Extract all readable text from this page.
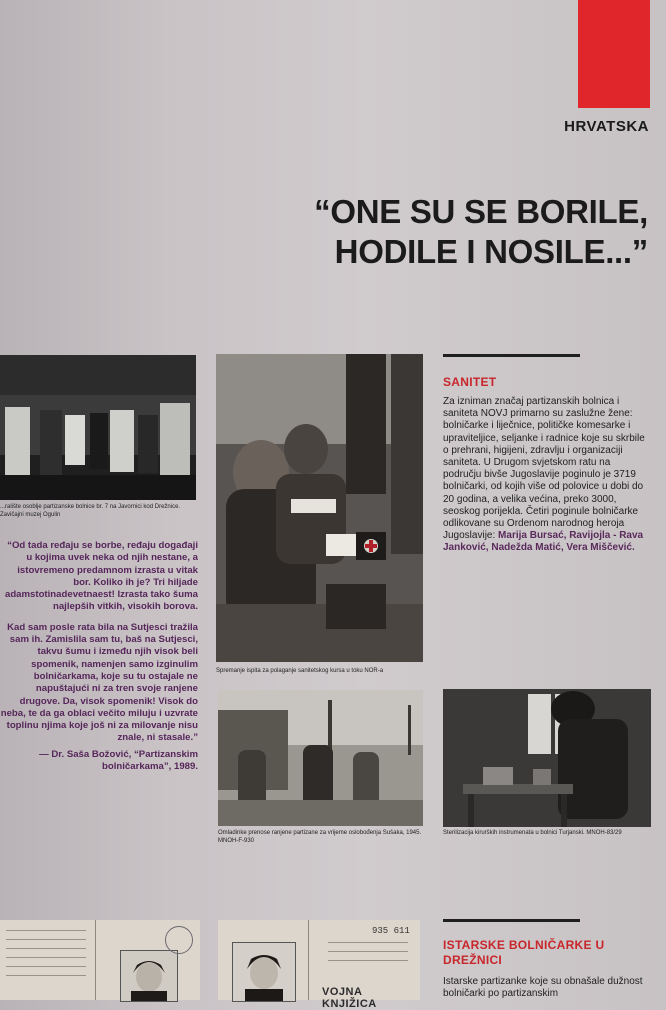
HRVATSKA
“ONE SU SE BORILE,
HODILE I NOSILE...”
...ralište osoblje partizanske bolnice br. 7 na Javornici kod Drežnice. Zavičajni muzej Ogulin
Spremanje ispita za polaganje sanitetskog kursa u toku NOR-a

“Od tada ređaju se borbe, ređaju događaji u kojima uvek neka od njih nestane, a istovremeno predamnom izrasta u vitak bor. Koliko ih je? Tri hiljade adamstotinadevetnaest! Izrasta tako šuma najlepših vitkih, visokih borova.

Kad sam posle rata bila na Sutjesci tražila sam ih. Zamislila sam tu, baš na Sutjesci, takvu šumu i između njih visok beli spomenik, namenjen samo izginulim bolničarkama, koje su tu ostajale ne napuštajući ni za tren svoje ranjene drugove. Da, visok spomenik! Visok do neba, te da ga oblaci večito miluju i uzvrate toplinu njima koje još ni za milovanje nisu znale, ni stasale.”

— Dr. Saša Božović, “Partizanskim
bolničarkama”, 1989.
SANITET
Za izniman značaj partizanskih bolnica i saniteta NOVJ primarno su zaslužne žene: bolničarke i liječnice, političke komesarke i upraviteljice, seljanke i radnice koje su skrbile o prehrani, higijeni, zdravlju i organizaciji saniteta. U Drugom svjetskom ratu na području bivše Jugoslavije poginulo je 3719 bolničarki, od kojih više od polovice u dobi do 20 godina, a velika većina, preko 3000, seoskog porijekla. Četiri poginule bolničarke odlikovane su Ordenom narodnog heroja Jugoslavije: Marija Bursać, Ravijojla - Rava Janković, Nadežda Matić, Vera Miščević.
Omladinke prenose ranjene partizane za vrijeme oslobođenja Sušaka, 1945. MNOH-F-930
Sterilizacija kirurških instrumenata u bolnici Turjanski. MNOH-83/29
935 611
VOJNA KNJIŽICA
ISTARSKE BOLNIČARKE U DREŽNICI
Istarske partizanke koje su obnašale dužnost bolničarki po partizanskim
